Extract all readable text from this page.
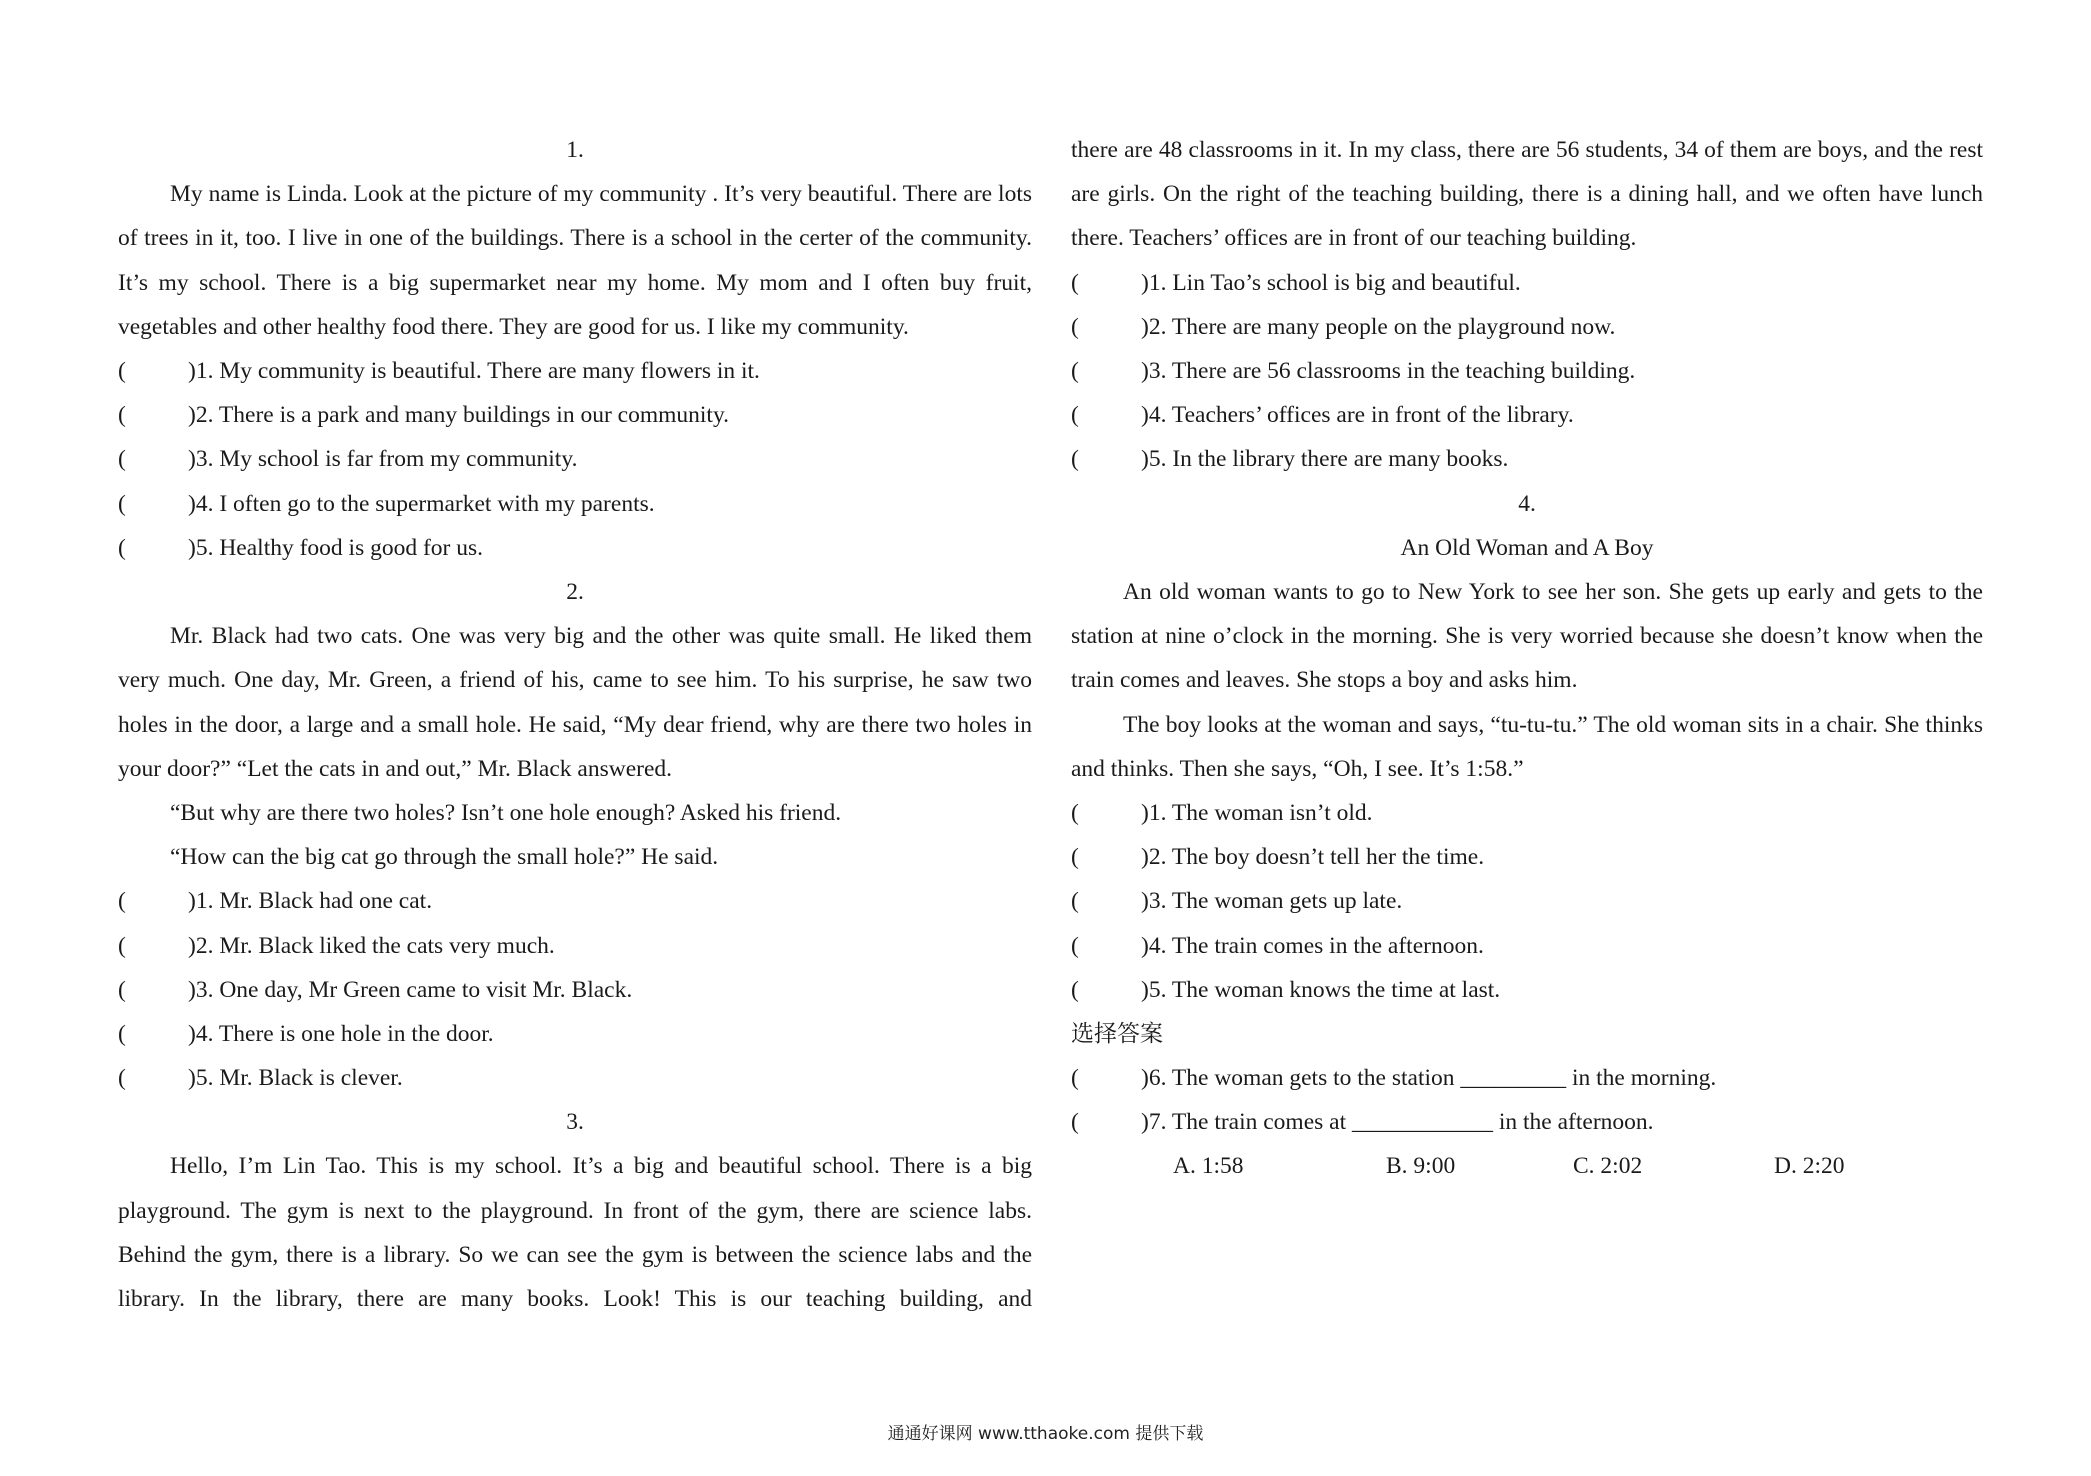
1.
My name is Linda. Look at the picture of my community . It’s very beautiful. There are lots of trees in it, too. I live in one of the buildings. There is a school in the certer of the community. It’s my school. There is a big supermarket near my home. My mom and I often buy fruit, vegetables and other healthy food there. They are good for us. I like my community.
(	)1. My community is beautiful. There are many flowers in it.
(	)2. There is a park and many buildings in our community.
(	)3. My school is far from my community.
(	)4. I often go to the supermarket with my parents.
(	)5. Healthy food is good for us.
2.
Mr. Black had two cats. One was very big and the other was quite small. He liked them very much. One day, Mr. Green, a friend of his, came to see him. To his surprise, he saw two holes in the door, a large and a small hole. He said, “My dear friend, why are there two holes in your door?” “Let the cats in and out,” Mr. Black answered.
“But why are there two holes? Isn’t one hole enough? Asked his friend.
“How can the big cat go through the small hole?” He said.
(	)1. Mr. Black had one cat.
(	)2. Mr. Black liked the cats very much.
(	)3. One day, Mr Green came to visit Mr. Black.
(	)4. There is one hole in the door.
(	)5. Mr. Black is clever.
3.
Hello, I’m Lin Tao. This is my school. It’s a big and beautiful school. There is a big playground. The gym is next to the playground. In front of the gym, there are science labs. Behind the gym, there is a library. So we can see the gym is between the science labs and the library. In the library, there are many books. Look! This is our teaching building, and
there are 48 classrooms in it. In my class, there are 56 students, 34 of them are boys, and the rest are girls. On the right of the teaching building, there is a dining hall, and we often have lunch there. Teachers’ offices are in front of our teaching building.
(	)1. Lin Tao’s school is big and beautiful.
(	)2. There are many people on the playground now.
(	)3. There are 56 classrooms in the teaching building.
(	)4. Teachers’ offices are in front of the library.
(	)5. In the library there are many books.
4.
An Old Woman and A Boy
An old woman wants to go to New York to see her son. She gets up early and gets to the station at nine o’clock in the morning. She is very worried because she doesn’t know when the train comes and leaves. She stops a boy and asks him.
The boy looks at the woman and says, “tu-tu-tu.” The old woman sits in a chair. She thinks and thinks. Then she says, “Oh, I see. It’s 1:58.”
(	)1. The woman isn’t old.
(	)2. The boy doesn’t tell her the time.
(	)3. The woman gets up late.
(	)4. The train comes in the afternoon.
(	)5. The woman knows the time at last.
选择答案
(	)6. The woman gets to the station _________ in the morning.
(	)7. The train comes at ____________ in the afternoon.
A. 1:58	B. 9:00	C. 2:02	D. 2:20
通通好课网 www.tthaoke.com 提供下载
